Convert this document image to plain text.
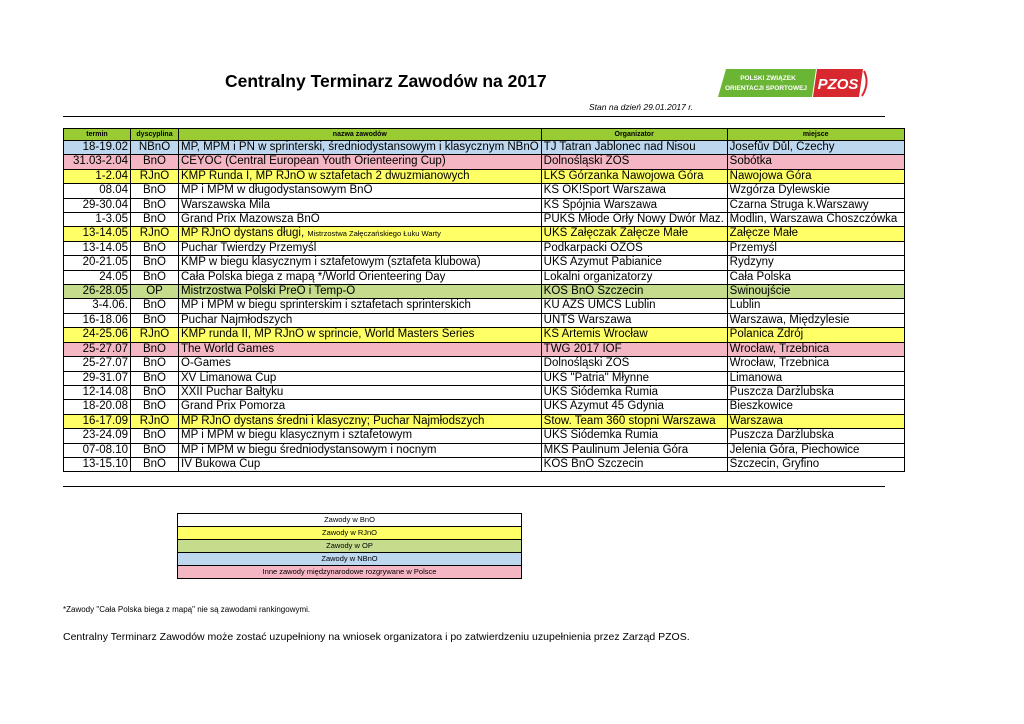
Centralny Terminarz Zawodów na 2017	POLSKI ZWIĄZEK
ORIENTACJI SPORTOWEJ PZOS
Stan na dzień 29.01.2017 r.
termin	dyscyplina	nazwa zawodów	Organizator	miejsce
18-19.02	NBnO	MP, MPM i PN w sprinterski, średniodystansowym i klasycznym NBnO	TJ Tatran Jablonec nad Nisou	Josefův Důl, Czechy
31.03-2.04	BnO	CEYOC (Central European Youth Orienteering Cup)	Dolnośląski ZOS	Sobótka
1-2.04	RJnO	KMP Runda I, MP RJnO w sztafetach 2 dwuzmianowych	LKS Górzanka Nawojowa Góra	Nawojowa Góra
08.04	BnO	MP i MPM w długodystansowym BnO	KS OK!Sport Warszawa	Wzgórza Dylewskie
29-30.04	BnO	Warszawska Mila	KS Spójnia Warszawa	Czarna Struga k.Warszawy
1-3.05	BnO	Grand Prix Mazowsza BnO	PUKS Młode Orły Nowy Dwór Maz.	Modlin, Warszawa Choszczówka
13-14.05	RJnO	MP RJnO dystans długi, Mistrzostwa Załęczańskiego Łuku Warty	UKS Załęczak Załęcze Małe	Załęcze Małe
13-14.05	BnO	Puchar Twierdzy Przemyśl	Podkarpacki OZOS	Przemyśl
20-21.05	BnO	KMP w biegu klasycznym i sztafetowym (sztafeta klubowa)	UKS Azymut Pabianice	Rydzyny
24.05	BnO	Cała Polska biega z mapą */World Orienteering Day	Lokalni organizatorzy	Cała Polska
26-28.05	OP	Mistrzostwa Polski PreO i Temp-O	KOS BnO Szczecin	Świnoujście
3-4.06.	BnO	MP i MPM w biegu sprinterskim i sztafetach sprinterskich	KU AZS UMCS Lublin	Lublin
16-18.06	BnO	Puchar Najmłodszych	UNTS Warszawa	Warszawa, Międzylesie
24-25.06	RJnO	KMP runda II, MP RJnO w sprincie, World Masters Series	KS Artemis Wrocław	Polanica Zdrój
25-27.07	BnO	The World Games	TWG 2017 IOF	Wrocław, Trzebnica
25-27.07	BnO	O-Games	Dolnośląski ZOS	Wrocław, Trzebnica
29-31.07	BnO	XV Limanowa Cup	UKS "Patria" Młynne	Limanowa
12-14.08	BnO	XXII Puchar Bałtyku	UKS Siódemka Rumia	Puszcza Darżlubska
18-20.08	BnO	Grand Prix Pomorza	UKS Azymut 45 Gdynia	Bieszkowice
16-17.09	RJnO	MP RJnO dystans średni i klasyczny; Puchar Najmłodszych	Stow. Team 360 stopni Warszawa	Warszawa
23-24.09	BnO	MP i MPM w biegu klasycznym i sztafetowym	UKS Siódemka Rumia	Puszcza Darżlubska
07-08.10	BnO	MP i MPM w biegu średniodystansowym i nocnym	MKS Paulinum Jelenia Góra	Jelenia Góra, Piechowice
13-15.10	BnO	IV Bukowa Cup	KOS BnO Szczecin	Szczecin, Gryfino
Zawody w BnO
Zawody w RJnO
Zawody w OP
Zawody w NBnO
Inne zawody międzynarodowe rozgrywane w Polsce
*Zawody "Cała Polska biega z mapą" nie są zawodami rankingowymi.
Centralny Terminarz Zawodów może zostać uzupełniony na wniosek organizatora i po zatwierdzeniu uzupełnienia przez Zarząd PZOS.
